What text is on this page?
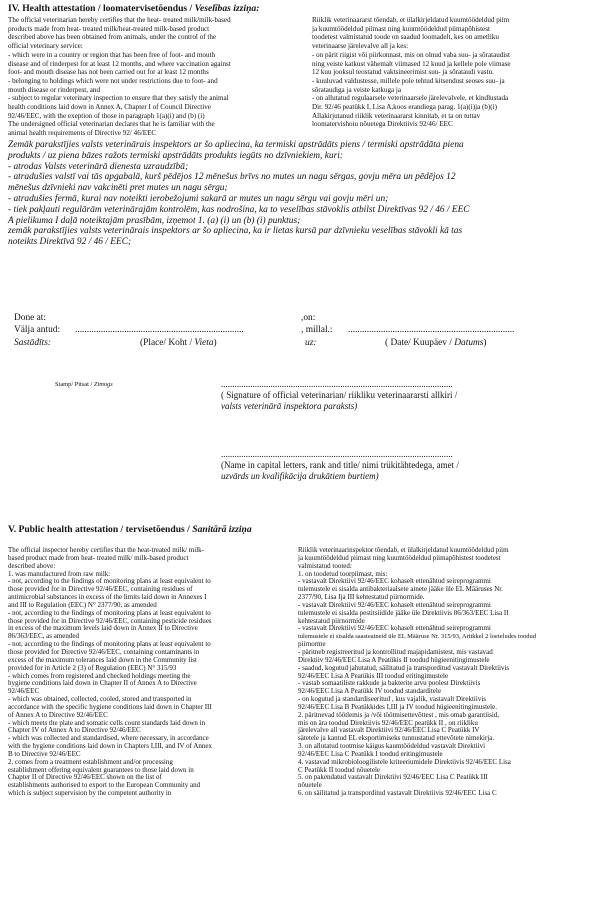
IV. Health attestation / loomatervisetõendus / Veselības izziņa:
The official veterinarian hereby certifies that the heat- treated milk/milk-based
products made from heat- treated milk/heat-treated milk-based product
described above has been obtained from animals, under the control of the
official veterinary service:
- which were in a country or region that has been free of foot- and mouth
disease and of rinderpest for at least 12 months, and where vaccination against
foot- and mouth disease has not been carried out for at least 12 months
- belonging to holdings which were not under restrictions due to foot- and
mouth disease or rinderpest, and
- subject to regular veterinary inspection to ensure that they satisfy the animal
health conditions laid down in Annex A, Chapter I of Council Directive
92/46/EEC, with the exeption of those in paragraph 1(a)(i) and (b) (i)
The undersigned official veterinarian declares that he is familiar with the
animal health requirements of Directive 92/ 46/EEC
Riiklik veterinaararst tõendab, et ülalkirjeldatud kuumtöödeldud piim
ja kuumtöödeldud piimast ning kuumtöödeldud piimapõhistest
toodetest valmistatud toode on saadud loomadelt, kes on ametliku
veterinaarse järelevalve all ja kes:
- on pärit riigist või piirkonnast, mis on olnud vaba suu- ja sõrataudist
ning veiste katkust vähemalt viimased 12 kuud ja kellele pole viimase
12 kuu jooksul teostatud vaktsineerimist suu- ja sõrataudi vastu.
- kuuluvad valdustesse, millele pole tehtud kitsendust seoses suu- ja
sõrataudiga ja veiste katkuga ja
- on allutatud regulaarsele veterinaarsele järelevalvele, et kindlustada
Dir. 92/46 peatükk I, Lisa A,koos erandiega parag. 1(a)(i)ja (b)(i)
Allakirjutanud riiklik veterinaararst kinnitab, et ta on tuttav
loomatervishoiu nõuetega Direktiivis 92/46/ EEC
Zemāk parakstījies valsts veterinārais inspektors ar šo apliecina, ka termiski apstrādāts piens / termiski apstrādāta piena
produkts / uz piena bāzes ražots termiski apstrādāts produkts iegūts no dzīvniekiem, kuri:
- atrodas Valsts veterinārā dienesta uzraudzībā;
- atradušies valstī vai tās apgabalā, kurš pēdējos 12 mēnešus brīvs no mutes un nagu sērgas, govju mēra un pēdējos 12
mēnešus dzīvnieki nav vakcinēti pret mutes un nagu sērgu;
- atradušies fermā, kurai nav noteikti ierobežojumi sakarā ar mutes un nagu sērgu vai govju mēri un;
- tiek pakļauti regulārām veterinārajām kontrolēm, kas nodrošina, ka to veselības stāvoklis atbilst Direktīvas 92 / 46 / EEC
A pielikuma I daļā noteiktajām prasībām, izņemot 1. (a) (i) un (b) (i) punktus;
zemāk parakstījies valsts veterinārais inspektors ar šo apliecina, ka ir lietas kursā par dzīvnieku veselības stāvokli kā tas
noteikts Direktīvā 92 / 46 / EEC;
Done at:	,on:
Välja antud: ........................................................................	, millal.: .......................................................................
Sastādīts:	(Place/ Koht / Vieta)	uz:	( Date/ Kuupäev / Datums)
Stamp/ Pitsat / Zīmogs	.......................................................................................................
( Signature of official veterinarian/ riikliku veterinaararsti allkiri /
valsts veterinārā inspektora paraksts)
.......................................................................................................
(Name in capital letters, rank and title/ nimi trükitähtedega, amet /
uzvārds un kvalifikācija drukātiem burtiem)
V. Public health attestation / tervisetõendus / Sanitārā izziņa
The official inspector hereby certifies that the heat-treated milk/ milk-
based product made from heat- treated milk/ milk-based product
described above:
1. was manufactured from raw milk:
- not, according to the findings of monitoring plans at least equivalent to
those provided for in Directive 92/46/EEC, containing residues of
antimicrobial substances in excess of the limits laid down in Annexes I
and III to Regulation (EEC) N° 2377/90, as amended
- not, according to the findings of monitoring plans at least equivalent to
those provided for in Directive 92/46/EEC, containing pesticide residues
in excess of the maximum levels laid down in Annex II to Directive
86/363/EEC, as amended
- not, according to the findings of monitoring plans at least equivalent to
those provided for Directive 92/46/EEC, containing contaminants in
excess of the maximum tolerances laid down in the Community list
provided for in Article 2 (3) of Regulation (EEC) N° 315/93
- which comes from registered and checked holdings meeting the
hygiene conditions laid down in Chapter II of Annex A to Directive
92/46/EEC
- which was obtained, collected, cooled, stored and transported in
accordance with the specific hygiene conditions laid down in Chapter III
of Annex A to Directive 92/46/EEC
- which meets the plate and somatic cells count standards laid down in
Chapter IV of Annex A to Directive 92/46/EEC
- which was collected and standardised, where necessary, in accordance
with the hygiene conditions laid down in Chapters I,III, and IV of Annex
B to Directive 92/46/EEC
2. comes from a treatment establishment and/or processing
establishment offering equivalent guarantees to those laid down in
Chapter II of Directive 92/46/EEC shown on the list of
establishments authorised to export to the European Community and
which is subject supervision by the competent authority in
Riiklik veterinaarinspektor tõendab, et ülalkirjeldatud kuumtöödeldud piim
ja kuumtöödeldud piimast ning kuumtöödeldud piimapõhistest toodetest
valmistatud tooted:
1. on toodetud toorpiimast, mis:
- vastavalt Direktiivi 92/46/EEC kohaselt ettenähtud seireprogrammi
tulemustele ei sisalda antibakteriaalsete ainete jääke üle EL Määruses Nr.
2377/90, Lisa Ija III kehtestatud piirnormide.
- vastavalt Direktiivi 92/46/EEC kohaselt ettenähtud seireprogrammi
tulemustele ei sisalda pestitsiidide jääke üle Direktiivis 86/363/EEC Lisa II
kehtestatud piirnormide
- vastavalt Direktiivi 92/46/EEC kohaselt ettenähtud seireprogrammi
tulemustele ei sisalda saasteaineid üle EL Määruse Nr. 315/93, Artikkel 2 loeteludes toodud
piirnorme
- päritneb registreeritud ja kontrollitud majapidamistest, mis vastavad
Direktiiv 92/46/EEC Lisa A Peatükis II toodud hügieenitingimustele
- saadud, kogutud jahutatud, säilitatud ja transporditud vastavalt Direktiivis
92/46/EEC Lisa A Peatükis III toodud eritingimustele
- vastab somaatiliste rakkude ja bakterite arvu poolest Direktiivis
92/46/EEC Lisa A Peatükk IV toodud standarditele
- on kogutud ja standardiseeritud , kus vajalik, vastavalt Direktiivis
92/46/EEC Lisa B Peatükkides I,III ja IV toodud hügieenitingimustele.
2. päritnevad töötlemis ja /või töötmisettevõttest , mis omab garantiisid,
mis on ära toodud Direktiivis 92/46/EEC peatükk II , on riikliku
järelevalve all vastavalt Direktiivi 92/46/EEC Lisa C Peatükk IV
sätetele ja kantud EL eksportimiseks tunnustatud ettevõtete nimekirja.
3. on allutatud tootmise käigus kaumtöödeldud vastavalt Direktiivi
92/46/EEC Lisa C Peatükk I toodud eritingimustele
4. vastavad mikrobioloogilistele kriteeriumidele Direktiivis 92/46/EEC Lisa
C Peatükk II toodud nõuetele
5. on pakendatud vastavalt Direktiivi 92/46/EEC Lisa C Peatükk III
nõuetele
6. on säilitatud ja transporditud vastavalt Direktiivis 92/46/EEC Lisa C
